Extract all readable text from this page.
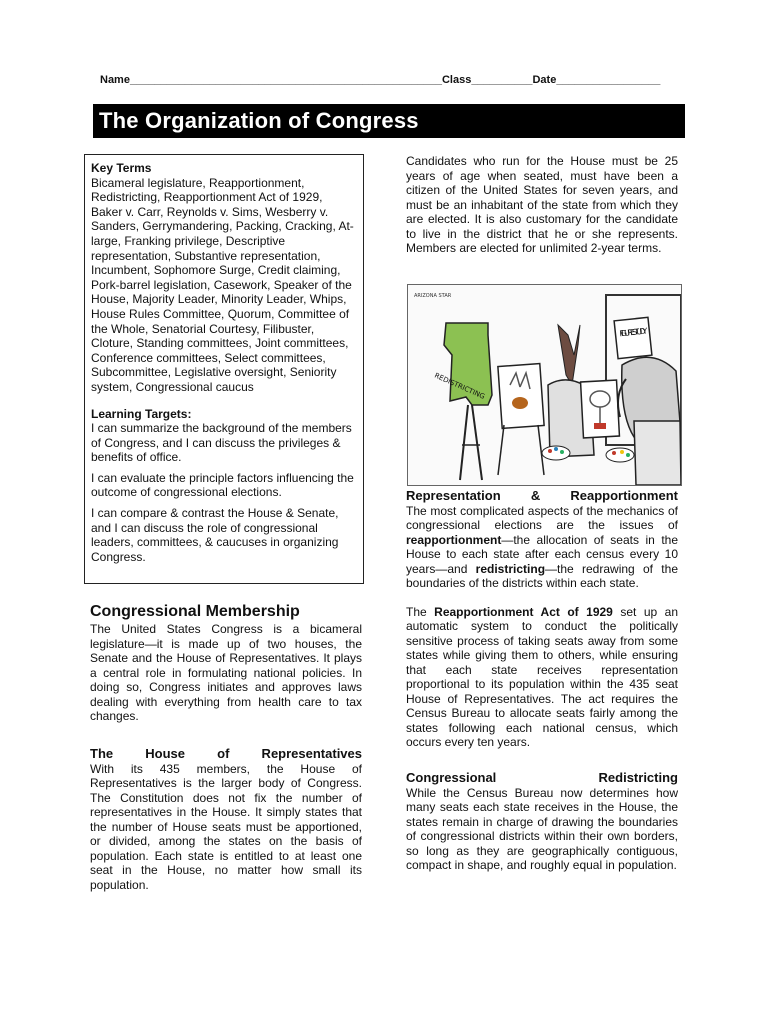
Name___________________________________________________Class__________Date_________________
The Organization of Congress

Key Terms

Bicameral legislature, Reapportionment, Redistricting, Reapportionment Act of 1929, Baker v. Carr, Reynolds v. Sims, Wesberry v. Sanders, Gerrymandering, Packing, Cracking, At-large, Franking privilege, Descriptive representation, Substantive representation, Incumbent, Sophomore Surge, Credit claiming, Pork-barrel legislation, Casework, Speaker of the House, Majority Leader, Minority Leader, Whips, House Rules Committee, Quorum, Committee of the Whole, Senatorial Courtesy, Filibuster, Cloture, Standing committees, Joint committees, Conference committees, Select committees, Subcommittee, Legislative oversight, Seniority system, Congressional caucus

Learning Targets:

I can summarize the background of the members of Congress, and I can discuss the privileges & benefits of office.

I can evaluate the principle factors influencing the outcome of congressional elections.

I can compare & contrast the House & Senate, and I can discuss the role of congressional leaders, committees, & caucuses in organizing Congress.

Congressional Membership

The United States Congress is a bicameral legislature—it is made up of two houses, the Senate and the House of Representatives. It plays a central role in formulating national policies. In doing so, Congress initiates and approves laws dealing with everything from health care to tax changes.

The House of Representatives

With its 435 members, the House of Representatives is the larger body of Congress. The Constitution does not fix the number of representatives in the House. It simply states that the number of House seats must be apportioned, or divided, among the states on the basis of population. Each state is entitled to at least one seat in the House, no matter how small its population.

Candidates who run for the House must be 25 years of age when seated, must have been a citizen of the United States for seven years, and must be an inhabitant of the state from which they are elected. It is also customary for the candidate to live in the district that he or she represents. Members are elected for unlimited 2-year terms.

Representation & Reapportionment

The most complicated aspects of the mechanics of congressional elections are the issues of reapportionment—the allocation of seats in the House to each state after each census every 10 years—and redistricting—the redrawing of the boundaries of the districts within each state.

The Reapportionment Act of 1929 set up an automatic system to conduct the politically sensitive process of taking seats away from some states while giving them to others, while ensuring that each state receives representation proportional to its population within the 435 seat House of Representatives. The act requires the Census Bureau to allocate seats fairly among the states following each national census, which occurs every ten years.

Congressional Redistricting

While the Census Bureau now determines how many seats each state receives in the House, the states remain in charge of drawing the boundaries of congressional districts within their own borders, so long as they are geographically contiguous, compact in shape, and roughly equal in population.

FIGURE STUDY
ARIZONA STAR
REDISTRICTING
